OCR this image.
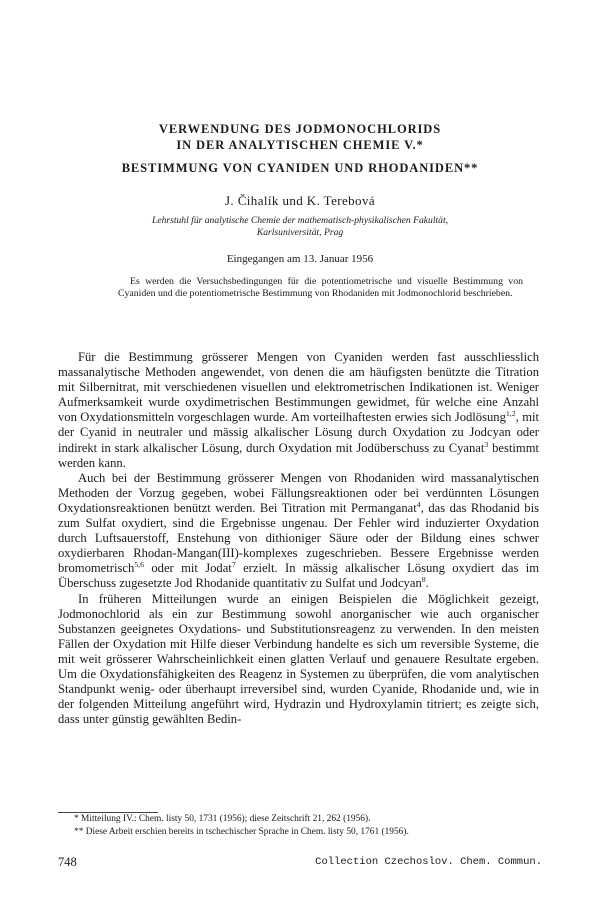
VERWENDUNG DES JODMONOCHLORIDS

IN DER ANALYTISCHEN CHEMIE V.*

BESTIMMUNG VON CYANIDEN UND RHODANIDEN**

J. Čihalík und K. Terebová
Lehrstuhl für analytische Chemie der mathematisch-physikalischen Fakultät,
Karlsuniversität, Prag
Eingegangen am 13. Januar 1956
Es werden die Versuchsbedingungen für die potentiometrische und visuelle Bestimmung von Cyaniden und die potentiometrische Bestimmung von Rhodaniden mit Jodmonochlorid beschrieben.

Für die Bestimmung grösserer Mengen von Cyaniden werden fast ausschliesslich massanalytische Methoden angewendet, von denen die am häufigsten benützte die Titration mit Silbernitrat, mit verschiedenen visuellen und elektrometrischen Indikationen ist. Weniger Aufmerksamkeit wurde oxydimetrischen Bestimmungen gewidmet, für welche eine Anzahl von Oxydationsmitteln vorgeschlagen wurde. Am vorteilhaftesten erwies sich Jodlösung$^{1,2}$, mit der Cyanid in neutraler und mässig alkalischer Lösung durch Oxydation zu Jodcyan oder indirekt in stark alkalischer Lösung, durch Oxydation mit Jodüberschuss zu Cyanat$^3$ bestimmt werden kann.

Auch bei der Bestimmung grösserer Mengen von Rhodaniden wird massanalytischen Methoden der Vorzug gegeben, wobei Fällungsreaktionen oder bei verdünnten Lösungen Oxydationsreaktionen benützt werden. Bei Titration mit Permanganat$^4$, das das Rhodanid bis zum Sulfat oxydiert, sind die Ergebnisse ungenau. Der Fehler wird induzierter Oxydation durch Luftsauerstoff, Enstehung von dithioniger Säure oder der Bildung eines schwer oxydierbaren Rhodan-Mangan(III)-komplexes zugeschrieben. Bessere Ergebnisse werden bromometrisch$^{5,6}$ oder mit Jodat$^7$ erzielt. In mässig alkalischer Lösung oxydiert das im Überschuss zugesetzte Jod Rhodanide quantitativ zu Sulfat und Jodcyan$^8$.

In früheren Mitteilungen wurde an einigen Beispielen die Möglichkeit gezeigt, Jodmonochlorid als ein zur Bestimmung sowohl anorganischer wie auch organischer Substanzen geeignetes Oxydations- und Substitutionsreagenz zu verwenden. In den meisten Fällen der Oxydation mit Hilfe dieser Verbindung handelte es sich um reversible Systeme, die mit weit grösserer Wahrscheinlichkeit einen glatten Verlauf und genauere Resultate ergeben. Um die Oxydationsfähigkeiten des Reagenz in Systemen zu überprüfen, die vom analytischen Standpunkt wenig- oder überhaupt irreversibel sind, wurden Cyanide, Rhodanide und, wie in der folgenden Mitteilung angeführt wird, Hydrazin und Hydroxylamin titriert; es zeigte sich, dass unter günstig gewählten Bedin-

* Mitteilung IV.: Chem. listy 50, 1731 (1956); diese Zeitschrift 21, 262 (1956).
** Diese Arbeit erschien bereits in tschechischer Sprache in Chem. listy 50, 1761 (1956).
748	Collection Czechoslov. Chem. Commun.
